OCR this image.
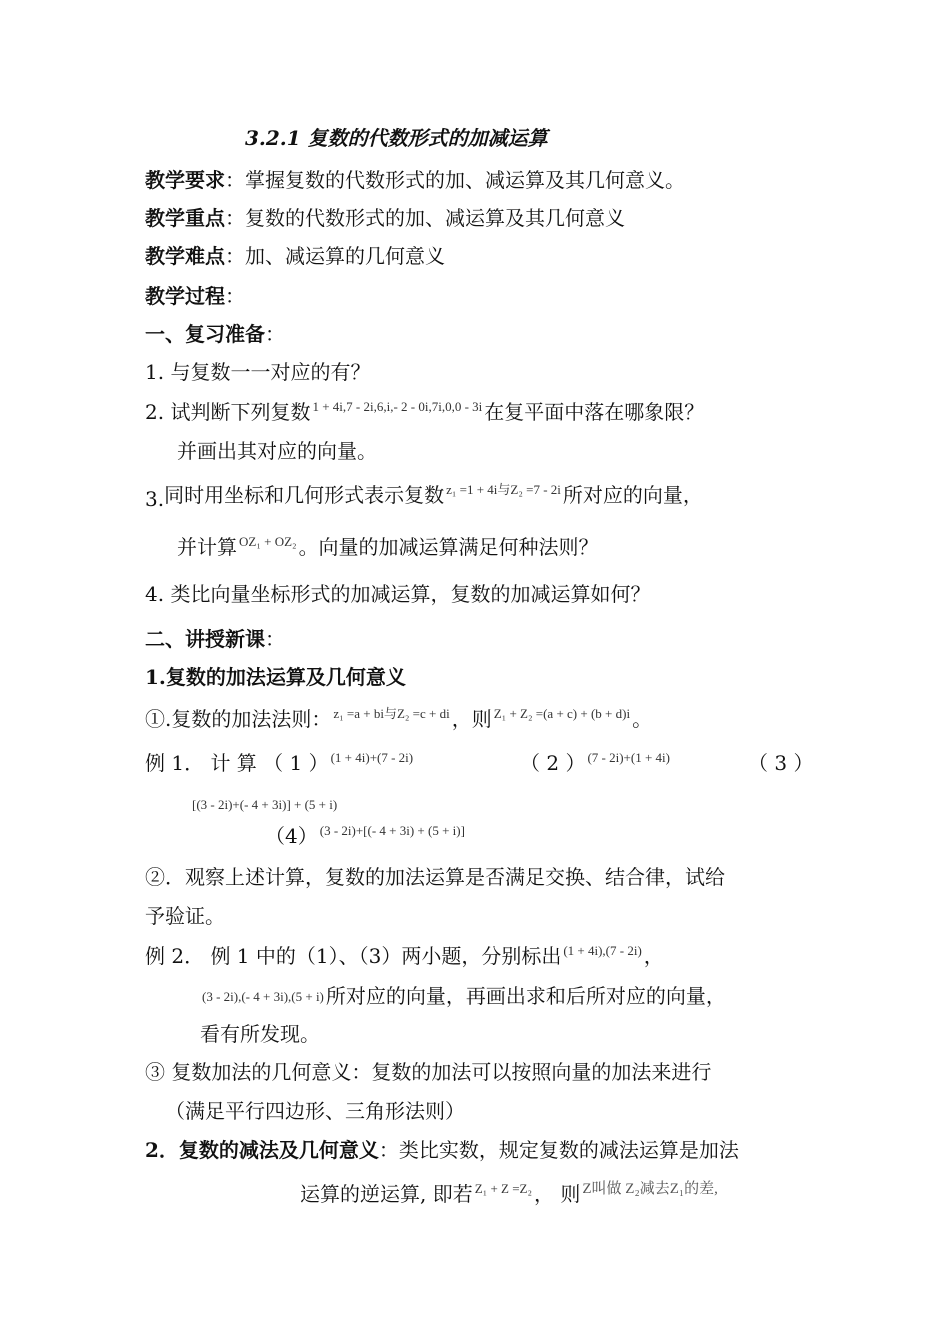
3.2.1 复数的代数形式的加减运算
教学要求：掌握复数的代数形式的加、减运算及其几何意义。
教学重点：复数的代数形式的加、减运算及其几何意义
教学难点：加、减运算的几何意义
教学过程：
一、复习准备：
1. 与复数一一对应的有？
2. 试判断下列复数 $^{1 + 4i,7 - 2i,6,i,- 2 - 0i,7i,0,0 - 3i}$ 在复平面中落在哪象限？
并画出其对应的向量。
3.同时用坐标和几何形式表示复数 $^{z_1 =1 + 4i与Z_2 =7 - 2i}$ 所对应的向量，
并计算 $^{OZ_1 + OZ_2}$ 。向量的加减运算满足何种法则？
4. 类比向量坐标形式的加减运算，复数的加减运算如何？
二、讲授新课：
1.复数的加法运算及几何意义
①.复数的加法法则： $^{z_1 =a + bi与Z_2 =c + di}$ ，则 $^{Z_1 + Z_2 =(a + c) + (b + d)i}$ 。
例 1． 计 算 （ 1 ） $^{(1 + 4i)+(7 - 2i)}$	（ 2 ） $^{(7 - 2i)+(1 + 4i)}$	（ 3 ）
[(3 - 2i)+(- 4 + 3i)] + (5 + i)
（4） $^{(3 - 2i)+[(- 4 + 3i) + (5 + i)]}$
②．观察上述计算，复数的加法运算是否满足交换、结合律，试给
予验证。
例 2． 例 1 中的（1）、（3）两小题，分别标出 $^{(1 + 4i),(7 - 2i)}$ ，
(3 - 2i),(- 4 + 3i),(5 + i) 所对应的向量，再画出求和后所对应的向量，
看有所发现。
③ 复数加法的几何意义：复数的加法可以按照向量的加法来进行
（满足平行四边形、三角形法则）
2．复数的减法及几何意义：类比实数，规定复数的减法运算是加法
运算的逆运算, 即若 $^{Z_1 + Z =Z_2}$ ， 则 $^{Z叫做 Z_2减去Z_1的差,}$
